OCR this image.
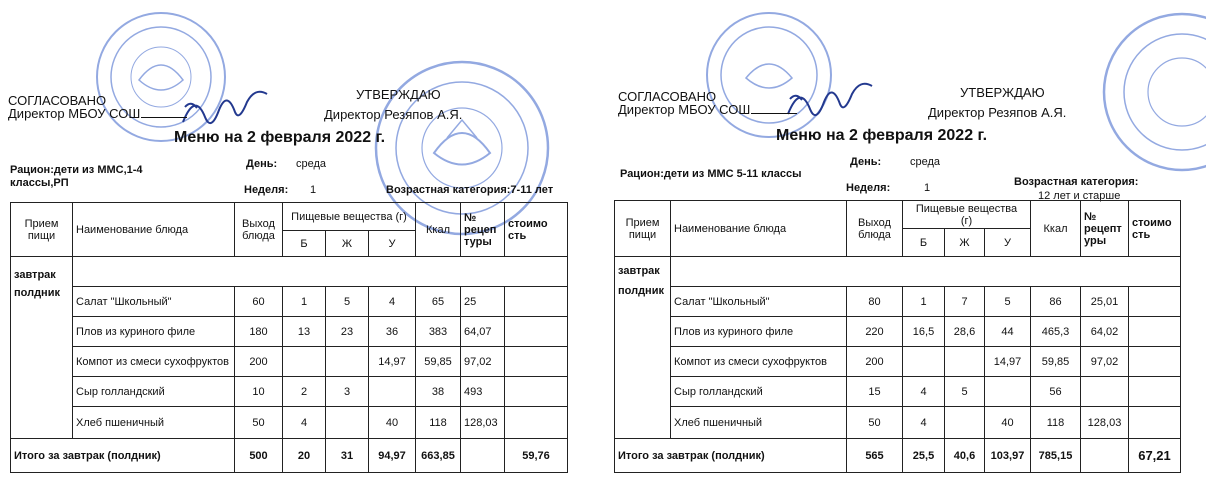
СОГЛАСОВАНО
Директор МБОУ СОШ
УТВЕРЖДАЮ
Директор Резяпов А.Я.
Меню на 2 февраля 2022 г.
Рацион:дети из ММС,1-4 классы,РП
День: среда
Неделя: 1	Возрастная категория:7-11 лет
Прием
пищи	Наименование блюда	Выход
блюда	Пищевые вещества (г)			Ккал	№
рецеп
туры	стоимо
сть

			Б	Ж	У			

завтрак
полдник								

	Салат "Школьный"	60	1	5	4	65	25	
	Плов из куриного филе	180	13	23	36	383	64,07	
	Компот из смеси сухофруктов	200			14,97	59,85	97,02	
	Сыр голландский	10	2	3		38	493	
	Хлеб пшеничный	50	4		40	118	128,03	
Итого за завтрак (полдник)		500	20	31	94,97	663,85		59,76
СОГЛАСОВАНО
Директор МБОУ СОШ
УТВЕРЖДАЮ
Директор Резяпов А.Я.
Меню на 2 февраля 2022 г.
Рацион:дети из ММС 5-11 классы
День:	среда
Неделя:	1	Возрастная категория:
12 лет и старше
Прием
пищи	Наименование блюда	Выход
блюда	Пищевые вещества
(г)			Ккал	№
рецепт
уры	стоимо
сть

			Б	Ж	У			

завтрак
полдник								

	Салат "Школьный"	80	1	7	5	86	25,01	
	Плов из куриного филе	220	16,5	28,6	44	465,3	64,02	
	Компот из смеси сухофруктов	200			14,97	59,85	97,02	
	Сыр голландский	15	4	5		56		
	Хлеб пшеничный	50	4		40	118	128,03	
Итого за завтрак (полдник)		565	25,5	40,6	103,97	785,15		67,21
